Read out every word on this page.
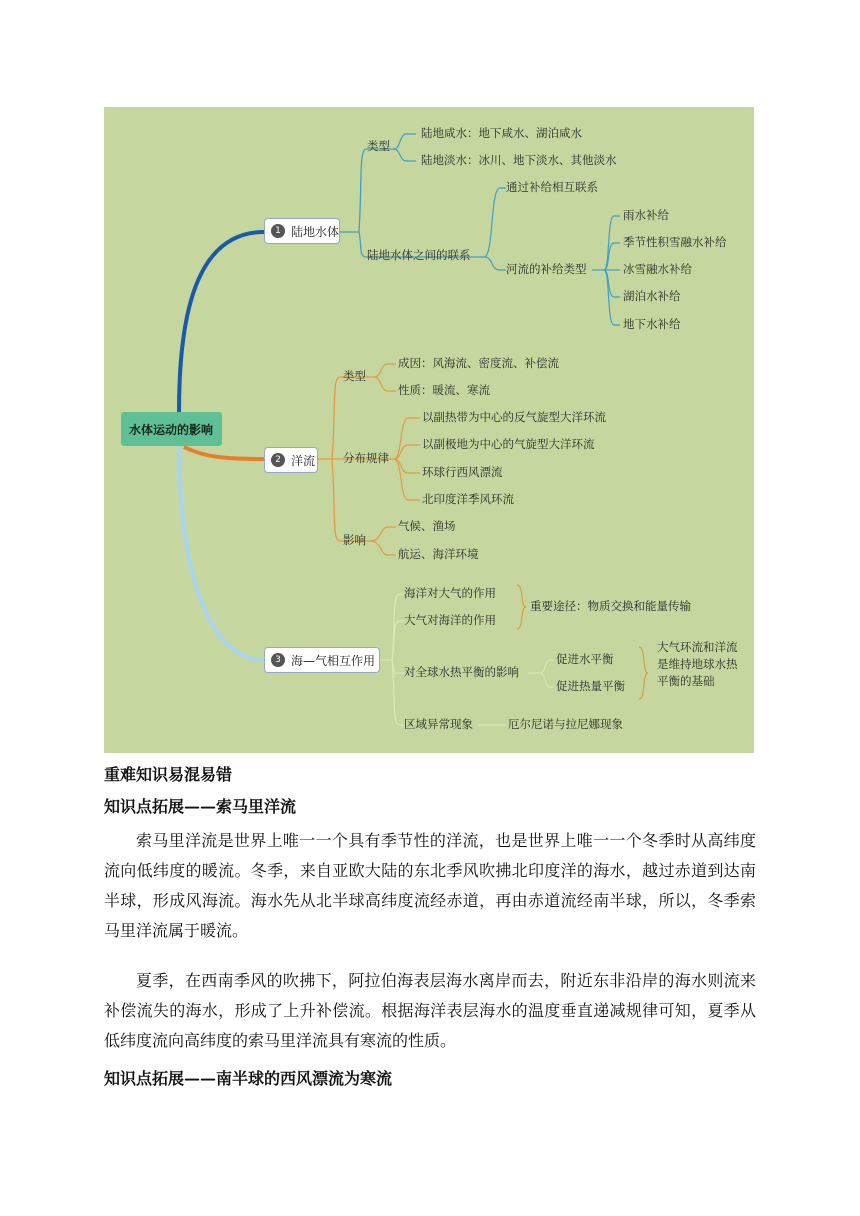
水体运动的影响
1 陆地水体
类型
陆地咸水：地下咸水、湖泊咸水
陆地淡水：冰川、地下淡水、其他淡水
陆地水体之间的联系
通过补给相互联系
河流的补给类型
雨水补给
季节性积雪融水补给
冰雪融水补给
湖泊水补给
地下水补给
2 洋流
类型
成因：风海流、密度流、补偿流
性质：暖流、寒流
分布规律
以副热带为中心的反气旋型大洋环流
以副极地为中心的气旋型大洋环流
环球行西风漂流
北印度洋季风环流
影响
气候、渔场
航运、海洋环境
3 海—气相互作用
海洋对大气的作用
大气对海洋的作用
重要途径：物质交换和能量传输
对全球水热平衡的影响
促进水平衡
促进热量平衡
大气环流和洋流是维持地球水热平衡的基础
区域异常现象	厄尔尼诺与拉尼娜现象
重难知识易混易错
知识点拓展——索马里洋流
索马里洋流是世界上唯一一个具有季节性的洋流，也是世界上唯一一个冬季时从高纬度流向低纬度的暖流。冬季，来自亚欧大陆的东北季风吹拂北印度洋的海水，越过赤道到达南半球，形成风海流。海水先从北半球高纬度流经赤道，再由赤道流经南半球，所以，冬季索马里洋流属于暖流。
夏季，在西南季风的吹拂下，阿拉伯海表层海水离岸而去，附近东非沿岸的海水则流来补偿流失的海水，形成了上升补偿流。根据海洋表层海水的温度垂直递减规律可知，夏季从低纬度流向高纬度的索马里洋流具有寒流的性质。
知识点拓展——南半球的西风漂流为寒流
